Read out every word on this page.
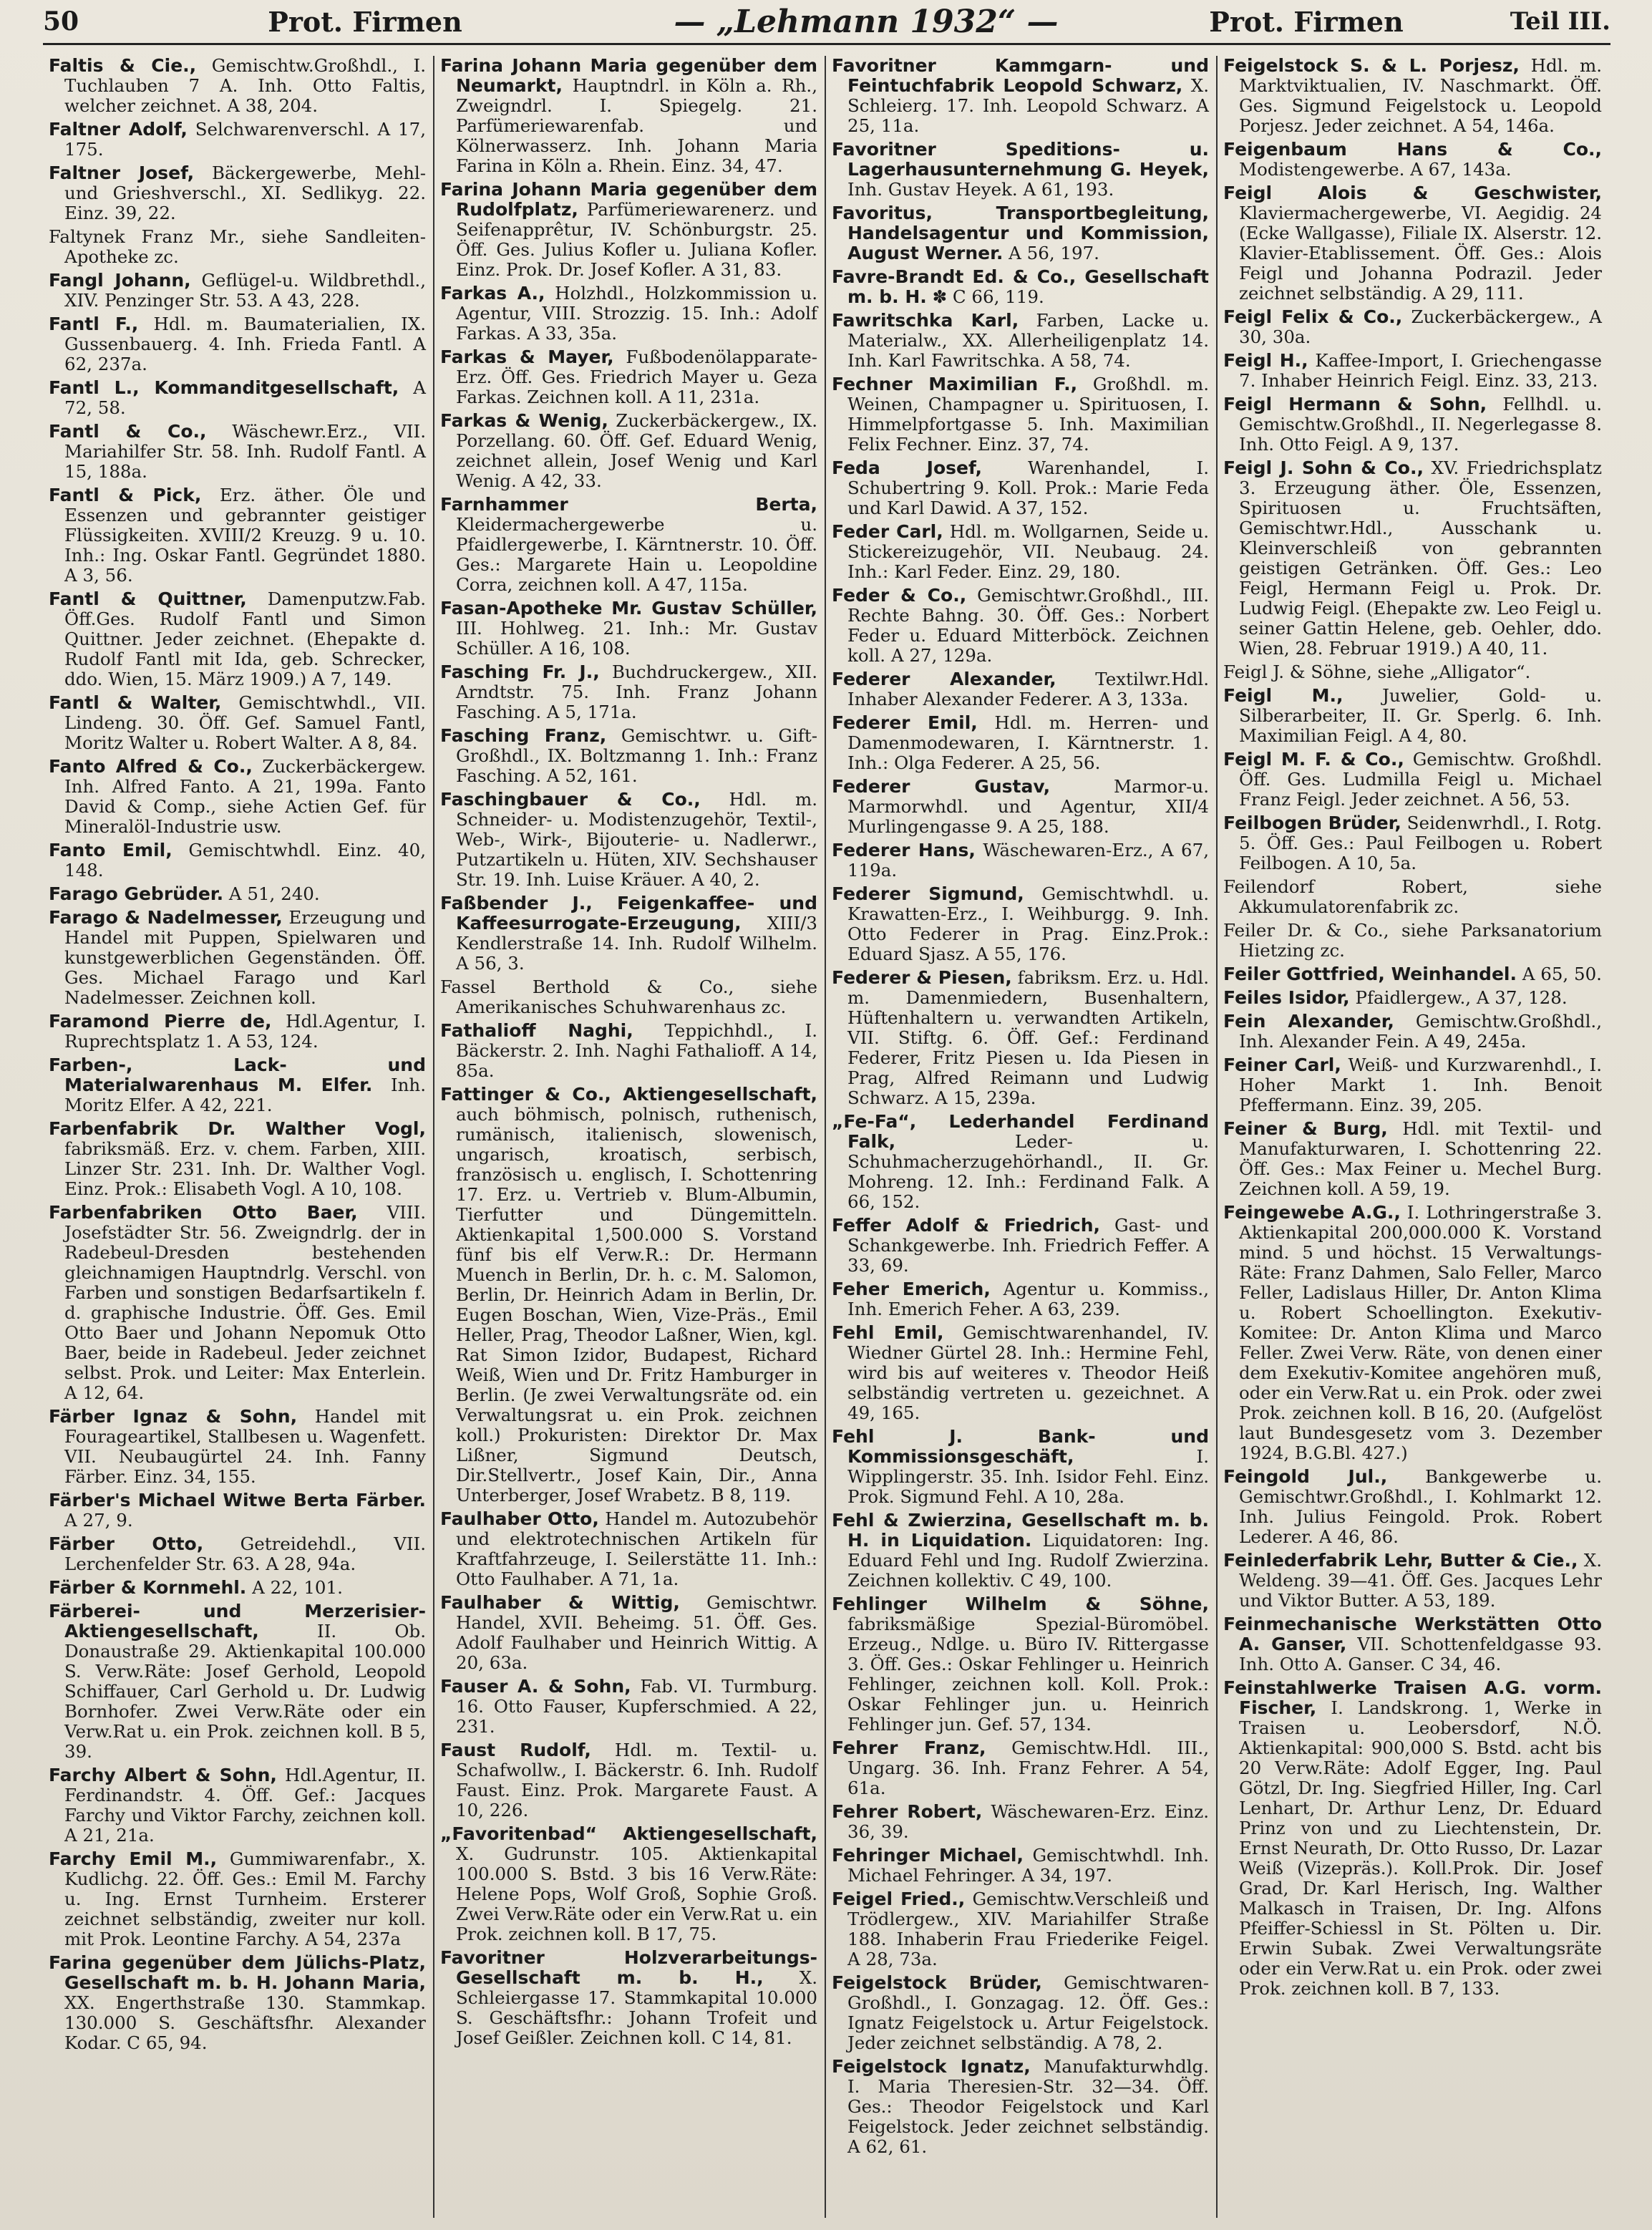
50	Prot. Firmen	— „Lehmann 1932“ —	Prot. Firmen	Teil III.

Faltis & Cie., Gemischtw.Großhdl., I. Tuchlauben 7 A. Inh. Otto Faltis, welcher zeichnet. A 38, 204.

Faltner Adolf, Selchwarenverschl. A 17, 175.

Faltner Josef, Bäckergewerbe, Mehl- und Grieshverschl., XI. Sedlikyg. 22. Einz. 39, 22.

Faltynek Franz Mr., siehe Sandleiten-Apotheke zc.

Fangl Johann, Geflügel-u. Wildbrethdl., XIV. Penzinger Str. 53. A 43, 228.

Fantl F., Hdl. m. Baumaterialien, IX. Gussenbauerg. 4. Inh. Frieda Fantl. A 62, 237a.

Fantl L., Kommanditgesellschaft, A 72, 58.

Fantl & Co., Wäschewr.Erz., VII. Mariahilfer Str. 58. Inh. Rudolf Fantl. A 15, 188a.

Fantl & Pick, Erz. äther. Öle und Essenzen und gebrannter geistiger Flüssigkeiten. XVIII/2 Kreuzg. 9 u. 10. Inh.: Ing. Oskar Fantl. Gegründet 1880. A 3, 56.

Fantl & Quittner, Damenputzw.Fab. Öff.Ges. Rudolf Fantl und Simon Quittner. Jeder zeichnet. (Ehepakte d. Rudolf Fantl mit Ida, geb. Schrecker, ddo. Wien, 15. März 1909.) A 7, 149.

Fantl & Walter, Gemischtwhdl., VII. Lindeng. 30. Öff. Gef. Samuel Fantl, Moritz Walter u. Robert Walter. A 8, 84.

Fanto Alfred & Co., Zuckerbäckergew. Inh. Alfred Fanto. A 21, 199a. Fanto David & Comp., siehe Actien Gef. für Mineralöl-Industrie usw.

Fanto Emil, Gemischtwhdl. Einz. 40, 148.

Farago Gebrüder. A 51, 240.

Farago & Nadelmesser, Erzeugung und Handel mit Puppen, Spielwaren und kunstgewerblichen Gegenständen. Öff. Ges. Michael Farago und Karl Nadelmesser. Zeichnen koll.

Faramond Pierre de, Hdl.Agentur, I. Ruprechtsplatz 1. A 53, 124.

Farben-, Lack- und Materialwarenhaus M. Elfer. Inh. Moritz Elfer. A 42, 221.

Farbenfabrik Dr. Walther Vogl, fabriksmäß. Erz. v. chem. Farben, XIII. Linzer Str. 231. Inh. Dr. Walther Vogl. Einz. Prok.: Elisabeth Vogl. A 10, 108.

Farbenfabriken Otto Baer, VIII. Josefstädter Str. 56. Zweigndrlg. der in Radebeul-Dresden bestehenden gleichnamigen Hauptndrlg. Verschl. von Farben und sonstigen Bedarfsartikeln f. d. graphische Industrie. Öff. Ges. Emil Otto Baer und Johann Nepomuk Otto Baer, beide in Radebeul. Jeder zeichnet selbst. Prok. und Leiter: Max Enterlein. A 12, 64.

Färber Ignaz & Sohn, Handel mit Fourageartikel, Stallbesen u. Wagenfett. VII. Neubaugürtel 24. Inh. Fanny Färber. Einz. 34, 155.

Färber's Michael Witwe Berta Färber. A 27, 9.

Färber Otto, Getreidehdl., VII. Lerchenfelder Str. 63. A 28, 94a.

Färber & Kornmehl. A 22, 101.

Färberei- und Merzerisier-Aktiengesellschaft,	II. Ob. Donaustraße 29. Aktienkapital 100.000 S. Verw.Räte: Josef Gerhold, Leopold Schiffauer, Carl Gerhold u. Dr. Ludwig Bornhofer. Zwei Verw.Räte oder ein Verw.Rat u. ein Prok. zeichnen koll. B 5, 39.

Farchy Albert & Sohn, Hdl.Agentur, II. Ferdinandstr. 4. Öff. Gef.: Jacques Farchy und Viktor Farchy, zeichnen koll. A 21, 21a.

Farchy Emil M., Gummiwarenfabr., X. Kudlichg. 22. Öff. Ges.: Emil M. Farchy u. Ing. Ernst Turnheim. Ersterer zeichnet selbständig, zweiter nur koll. mit Prok. Leontine Farchy. A 54, 237a

Farina gegenüber dem Jülichs-Platz, Gesellschaft m. b. H. Johann Maria, XX. Engerthstraße 130. Stammkap. 130.000 S. Geschäftsfhr. Alexander Kodar. C 65, 94.

Farina Johann Maria gegenüber dem Neumarkt, Hauptndrl. in Köln a. Rh., Zweigndrl. I. Spiegelg. 21. Parfümeriewarenfab. und Kölnerwasserz. Inh. Johann Maria Farina in Köln a. Rhein. Einz. 34, 47.

Farina Johann Maria gegenüber dem Rudolfplatz, Parfümeriewarenerz. und Seifenapprêtur, IV. Schönburgstr. 25. Öff. Ges. Julius Kofler u. Juliana Kofler. Einz. Prok. Dr. Josef Kofler. A 31, 83.

Farkas A., Holzhdl., Holzkommission u. Agentur, VIII. Strozzig. 15. Inh.: Adolf Farkas. A 33, 35a.

Farkas & Mayer, Fußbodenölapparate-Erz. Öff. Ges. Friedrich Mayer u. Geza Farkas. Zeichnen koll. A 11, 231a.

Farkas & Wenig, Zuckerbäckergew., IX. Porzellang. 60. Öff. Gef. Eduard Wenig, zeichnet allein, Josef Wenig und Karl Wenig. A 42, 33.

Farnhammer Berta, Kleidermachergewerbe u. Pfaidlergewerbe, I. Kärntnerstr. 10. Öff. Ges.: Margarete Hain u. Leopoldine Corra, zeichnen koll. A 47, 115a.

Fasan-Apotheke Mr. Gustav Schüller, III. Hohlweg. 21. Inh.: Mr. Gustav Schüller. A 16, 108.

Fasching Fr. J., Buchdruckergew., XII. Arndtstr. 75. Inh. Franz Johann Fasching. A 5, 171a.

Fasching Franz, Gemischtwr. u. Gift-Großhdl., IX. Boltzmanng 1. Inh.: Franz Fasching. A 52, 161.

Faschingbauer & Co., Hdl. m. Schneider- u. Modistenzugehör, Textil-, Web-, Wirk-, Bijouterie- u. Nadlerwr., Putzartikeln u. Hüten, XIV. Sechshauser Str. 19. Inh. Luise Kräuer. A 40, 2.

Faßbender J., Feigenkaffee- und Kaffeesurrogate-Erzeugung, XIII/3 Kendlerstraße 14. Inh. Rudolf Wilhelm. A 56, 3.

Fassel Berthold & Co., siehe Amerikanisches Schuhwarenhaus zc.

Fathalioff Naghi, Teppichhdl., I. Bäckerstr. 2. Inh. Naghi Fathalioff. A 14, 85a.

Fattinger & Co., Aktiengesellschaft, auch böhmisch, polnisch, ruthenisch, rumänisch, italienisch, slowenisch, ungarisch, kroatisch, serbisch, französisch u. englisch, I. Schottenring 17. Erz. u. Vertrieb v. Blum-Albumin, Tierfutter und Düngemitteln. Aktienkapital 1,500.000 S. Vorstand fünf bis elf Verw.R.: Dr. Hermann Muench in Berlin, Dr. h. c. M. Salomon, Berlin, Dr. Heinrich Adam in Berlin, Dr. Eugen Boschan, Wien, Vize-Präs., Emil Heller, Prag, Theodor Laßner, Wien, kgl. Rat Simon Izidor, Budapest, Richard Weiß, Wien und Dr. Fritz Hamburger in Berlin. (Je zwei Verwaltungsräte od. ein Verwaltungsrat u. ein Prok. zeichnen koll.) Prokuristen: Direktor Dr. Max Lißner, Sigmund Deutsch, Dir.Stellvertr., Josef Kain, Dir., Anna Unterberger, Josef Wrabetz. B 8, 119.

Faulhaber Otto, Handel m. Autozubehör und elektrotechnischen Artikeln für Kraftfahrzeuge, I. Seilerstätte 11. Inh.: Otto Faulhaber. A 71, 1a.

Faulhaber & Wittig, Gemischtwr. Handel, XVII. Beheimg. 51. Öff. Ges. Adolf Faulhaber und Heinrich Wittig. A 20, 63a.

Fauser A. & Sohn, Fab. VI. Turmburg. 16. Otto Fauser, Kupferschmied. A 22, 231.

Faust Rudolf, Hdl. m. Textil- u. Schafwollw., I. Bäckerstr. 6. Inh. Rudolf Faust. Einz. Prok. Margarete Faust. A 10, 226.

„Favoritenbad“ Aktiengesellschaft, X. Gudrunstr. 105. Aktienkapital 100.000 S. Bstd. 3 bis 16 Verw.Räte: Helene Pops, Wolf Groß, Sophie Groß. Zwei Verw.Räte oder ein Verw.Rat u. ein Prok. zeichnen koll. B 17, 75.

Favoritner Holzverarbeitungs-Gesellschaft m. b. H., X. Schleiergasse 17. Stammkapital 10.000 S. Geschäftsfhr.: Johann Trofeit und Josef Geißler. Zeichnen koll. C 14, 81.

Favoritner Kammgarn- und Feintuchfabrik Leopold Schwarz, X. Schleierg. 17. Inh. Leopold Schwarz. A 25, 11a.

Favoritner Speditions- u. Lagerhausunternehmung G. Heyek, Inh. Gustav Heyek. A 61, 193.

Favoritus, Transportbegleitung, Handelsagentur und Kommission, August Werner. A 56, 197.

Favre-Brandt Ed. & Co., Gesellschaft m. b. H. ✽ C 66, 119.

Fawritschka Karl, Farben, Lacke u. Materialw., XX. Allerheiligenplatz 14. Inh. Karl Fawritschka. A 58, 74.

Fechner Maximilian F., Großhdl. m. Weinen, Champagner u. Spirituosen, I. Himmelpfortgasse 5. Inh. Maximilian Felix Fechner. Einz. 37, 74.

Feda Josef,	Warenhandel, I. Schubertring 9. Koll. Prok.: Marie Feda und Karl Dawid. A 37, 152.

Feder Carl, Hdl. m. Wollgarnen, Seide u. Stickereizugehör, VII. Neubaug. 24. Inh.: Karl Feder. Einz. 29, 180.

Feder & Co., Gemischtwr.Großhdl., III. Rechte Bahng. 30. Öff. Ges.: Norbert Feder u. Eduard Mitterböck. Zeichnen koll. A 27, 129a.

Federer Alexander, Textilwr.Hdl. Inhaber Alexander Federer. A 3, 133a.

Federer Emil, Hdl. m. Herren- und Damenmodewaren, I. Kärntnerstr. 1. Inh.: Olga Federer. A 25, 56.

Federer Gustav,	Marmor-u. Marmorwhdl. und Agentur, XII/4 Murlingengasse 9. A 25, 188.

Federer Hans, Wäschewaren-Erz., A 67, 119a.

Federer Sigmund, Gemischtwhdl. u. Krawatten-Erz., I. Weihburgg. 9. Inh. Otto Federer in Prag. Einz.Prok.: Eduard Sjasz. A 55, 176.

Federer & Piesen, fabriksm. Erz. u. Hdl. m. Damenmiedern, Busenhaltern, Hüftenhaltern u. verwandten Artikeln, VII. Stiftg. 6. Öff. Gef.: Ferdinand Federer, Fritz Piesen u. Ida Piesen in Prag, Alfred Reimann und Ludwig Schwarz. A 15, 239a.

„Fe-Fa“, Lederhandel Ferdinand Falk,	Leder- u. Schuhmacherzugehörhandl., II. Gr. Mohreng. 12. Inh.: Ferdinand Falk. A 66, 152.

Feffer Adolf & Friedrich, Gast- und Schankgewerbe. Inh. Friedrich Feffer. A 33, 69.

Feher Emerich, Agentur u. Kommiss., Inh. Emerich Feher. A 63, 239.

Fehl Emil, Gemischtwarenhandel, IV. Wiedner Gürtel 28. Inh.: Hermine Fehl, wird bis auf weiteres v. Theodor Heiß selbständig vertreten u. gezeichnet. A 49, 165.

Fehl J. Bank- und Kommissionsgeschäft,	I. Wipplingerstr. 35. Inh. Isidor Fehl. Einz. Prok. Sigmund Fehl. A 10, 28a.

Fehl & Zwierzina, Gesellschaft m. b. H. in Liquidation. Liquidatoren: Ing. Eduard Fehl und Ing. Rudolf Zwierzina. Zeichnen kollektiv. C 49, 100.

Fehlinger Wilhelm & Söhne, fabriksmäßige Spezial-Büromöbel. Erzeug., Ndlge. u. Büro IV. Rittergasse 3. Öff. Ges.: Oskar Fehlinger u. Heinrich Fehlinger, zeichnen koll. Koll. Prok.: Oskar Fehlinger jun. u. Heinrich Fehlinger jun. Gef. 57, 134.

Fehrer Franz, Gemischtw.Hdl. III., Ungarg. 36. Inh. Franz Fehrer. A 54, 61a.

Fehrer Robert, Wäschewaren-Erz. Einz. 36, 39.

Fehringer Michael, Gemischtwhdl. Inh. Michael Fehringer. A 34, 197.

Feigel Fried., Gemischtw.Verschleiß und Trödlergew., XIV. Mariahilfer Straße 188. Inhaberin Frau Friederike Feigel. A 28, 73a.

Feigelstock Brüder, Gemischtwaren-Großhdl., I. Gonzagag. 12. Öff. Ges.: Ignatz Feigelstock u. Artur Feigelstock. Jeder zeichnet selbständig. A 78, 2.

Feigelstock Ignatz, Manufakturwhdlg. I. Maria Theresien-Str. 32—34. Öff. Ges.: Theodor Feigelstock und Karl Feigelstock. Jeder zeichnet selbständig. A 62, 61.

Feigelstock S. & L. Porjesz, Hdl. m. Marktviktualien, IV. Naschmarkt. Öff. Ges. Sigmund Feigelstock u. Leopold Porjesz. Jeder zeichnet. A 54, 146a.

Feigenbaum Hans & Co., Modistengewerbe. A 67, 143a.

Feigl Alois & Geschwister, Klaviermachergewerbe, VI. Aegidig. 24 (Ecke Wallgasse), Filiale IX. Alserstr. 12. Klavier-Etablissement. Öff. Ges.: Alois Feigl und Johanna Podrazil. Jeder zeichnet selbständig. A 29, 111.

Feigl Felix & Co., Zuckerbäckergew., A 30, 30a.

Feigl H., Kaffee-Import, I. Griechengasse 7. Inhaber Heinrich Feigl. Einz. 33, 213.

Feigl Hermann & Sohn, Fellhdl. u. Gemischtw.Großhdl., II. Negerlegasse 8. Inh. Otto Feigl. A 9, 137.

Feigl J. Sohn & Co., XV. Friedrichsplatz 3. Erzeugung äther. Öle, Essenzen, Spirituosen u. Fruchtsäften, Gemischtwr.Hdl., Ausschank u. Kleinverschleiß von gebrannten geistigen Getränken. Öff. Ges.: Leo Feigl, Hermann Feigl u. Prok. Dr. Ludwig Feigl. (Ehepakte zw. Leo Feigl u. seiner Gattin Helene, geb. Oehler, ddo. Wien, 28. Februar 1919.) A 40, 11.

Feigl J. & Söhne, siehe „Alligator“.

Feigl M., Juwelier, Gold- u. Silberarbeiter, II. Gr. Sperlg. 6. Inh. Maximilian Feigl. A 4, 80.

Feigl M. F. & Co., Gemischtw. Großhdl. Öff. Ges. Ludmilla Feigl u. Michael Franz Feigl. Jeder zeichnet. A 56, 53.

Feilbogen Brüder, Seidenwrhdl., I. Rotg. 5. Öff. Ges.: Paul Feilbogen u. Robert Feilbogen. A 10, 5a.

Feilendorf Robert, siehe Akkumulatorenfabrik zc.

Feiler Dr. & Co., siehe Parksanatorium Hietzing zc.

Feiler Gottfried, Weinhandel. A 65, 50.

Feiles Isidor, Pfaidlergew., A 37, 128.

Fein Alexander, Gemischtw.Großhdl., Inh. Alexander Fein. A 49, 245a.

Feiner Carl, Weiß- und Kurzwarenhdl., I. Hoher Markt 1. Inh. Benoit Pfeffermann. Einz. 39, 205.

Feiner & Burg, Hdl. mit Textil- und Manufakturwaren, I. Schottenring 22. Öff. Ges.: Max Feiner u. Mechel Burg. Zeichnen koll. A 59, 19.

Feingewebe A.G., I. Lothringerstraße 3. Aktienkapital 200,000.000 K. Vorstand mind. 5 und höchst. 15 Verwaltungs-Räte: Franz Dahmen, Salo Feller, Marco Feller, Ladislaus Hiller, Dr. Anton Klima u. Robert Schoellington. Exekutiv-Komitee: Dr. Anton Klima und Marco Feller. Zwei Verw. Räte, von denen einer dem Exekutiv-Komitee angehören muß, oder ein Verw.Rat u. ein Prok. oder zwei Prok. zeichnen koll. B 16, 20. (Aufgelöst laut Bundesgesetz vom 3. Dezember 1924, B.G.Bl. 427.)

Feingold Jul., Bankgewerbe u. Gemischtwr.Großhdl., I. Kohlmarkt 12. Inh. Julius Feingold. Prok. Robert Lederer. A 46, 86.

Feinlederfabrik Lehr, Butter & Cie., X. Weldeng. 39—41. Öff. Ges. Jacques Lehr und Viktor Butter. A 53, 189.

Feinmechanische Werkstätten Otto A. Ganser, VII. Schottenfeldgasse 93. Inh. Otto A. Ganser. C 34, 46.

Feinstahlwerke Traisen A.G. vorm. Fischer, I. Landskrong. 1, Werke in Traisen u. Leobersdorf, N.Ö. Aktienkapital: 900,000 S. Bstd. acht bis 20 Verw.Räte: Adolf Egger, Ing. Paul Götzl, Dr. Ing. Siegfried Hiller, Ing. Carl Lenhart, Dr. Arthur Lenz, Dr. Eduard Prinz von und zu Liechtenstein, Dr. Ernst Neurath, Dr. Otto Russo, Dr. Lazar Weiß (Vizepräs.). Koll.Prok. Dir. Josef Grad, Dr. Karl Herisch, Ing. Walther Malkasch in Traisen, Dr. Ing. Alfons Pfeiffer-Schiessl in St. Pölten u. Dir. Erwin Subak. Zwei Verwaltungsräte oder ein Verw.Rat u. ein Prok. oder zwei Prok. zeichnen koll. B 7, 133.
